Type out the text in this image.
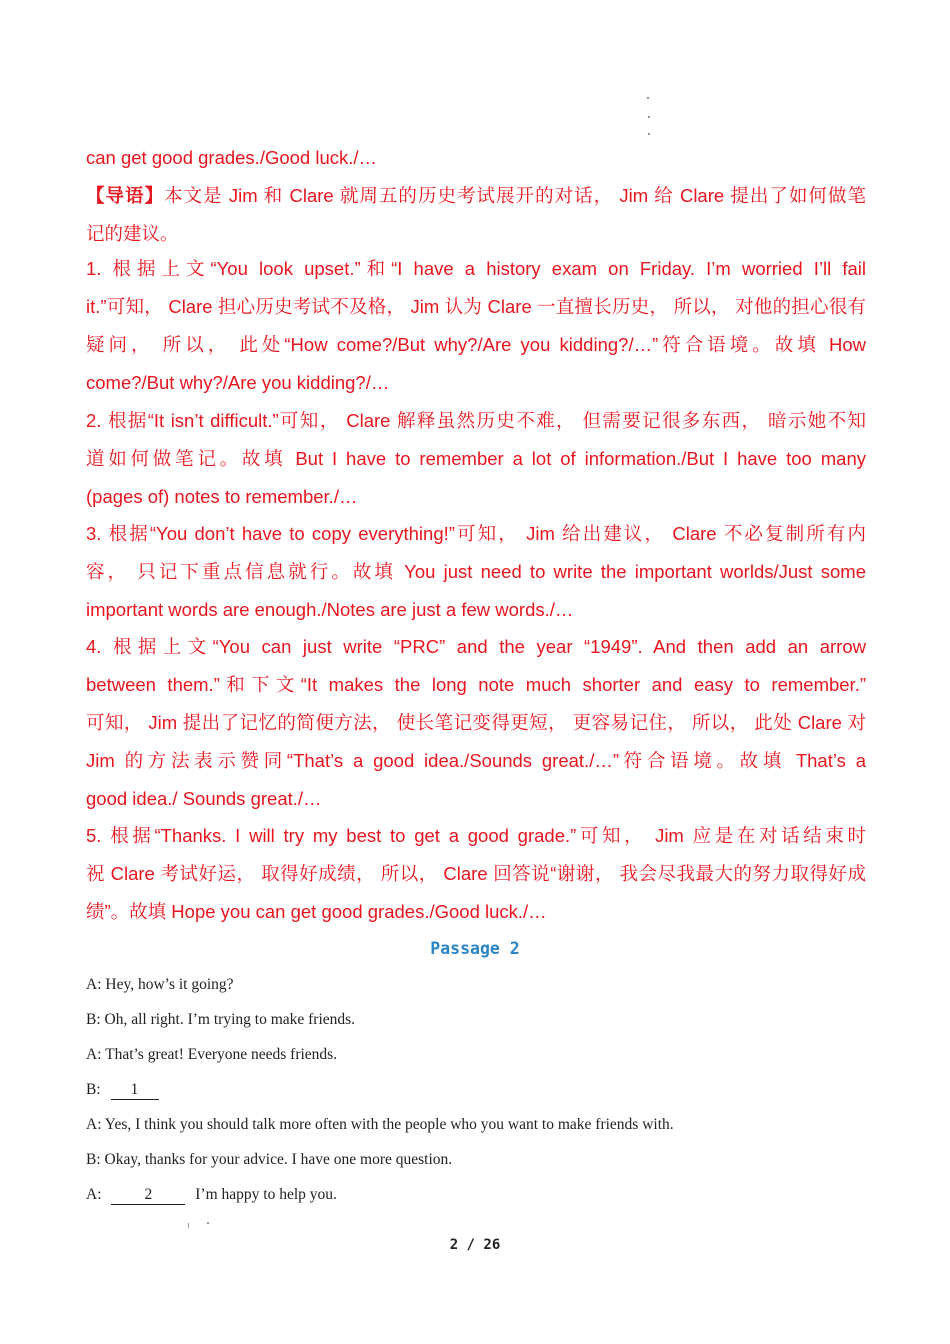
can get good grades./Good luck./…
【导语】本文是 Jim 和 Clare 就周五的历史考试展开的对话， Jim 给 Clare 提出了如何做笔
记的建议。
1. 根据上文“You look upset.”和“I have a history exam on Friday. I’m worried I’ll fail
it.”可知， Clare 担心历史考试不及格， Jim 认为 Clare 一直擅长历史， 所以， 对他的担心很有
疑问， 所以， 此处“How come?/But why?/Are you kidding?/…”符合语境。故填 How
come?/But why?/Are you kidding?/…
2. 根据“It isn’t difficult.”可知， Clare 解释虽然历史不难， 但需要记很多东西， 暗示她不知
道如何做笔记。故填 But I have to remember a lot of information./But I have too many
(pages of) notes to remember./…
3. 根据“You don’t have to copy everything!”可知， Jim 给出建议， Clare 不必复制所有内
容， 只记下重点信息就行。故填 You just need to write the important worlds/Just some
important words are enough./Notes are just a few words./…
4. 根据上文“You can just write “PRC” and the year “1949”. And then add an arrow
between them.”和下文“It makes the long note much shorter and easy to remember.”
可知， Jim 提出了记忆的简便方法， 使长笔记变得更短， 更容易记住， 所以， 此处 Clare 对
Jim 的方法表示赞同“That’s a good idea./Sounds great./…”符合语境。故填 That’s a
good idea./ Sounds great./…
5. 根据“Thanks. I will try my best to get a good grade.”可知， Jim 应是在对话结束时
祝 Clare 考试好运， 取得好成绩， 所以， Clare 回答说“谢谢， 我会尽我最大的努力取得好成
绩”。故填 Hope you can get good grades./Good luck./…
Passage 2
A: Hey, how’s it going?
B: Oh, all right. I’m trying to make friends.
A: That’s great! Everyone needs friends.
B: 1
A: Yes, I think you should talk more often with the people who you want to make friends with.
B: Okay, thanks for your advice. I have one more question.
A:	2	I’m happy to help you.
2 / 26
